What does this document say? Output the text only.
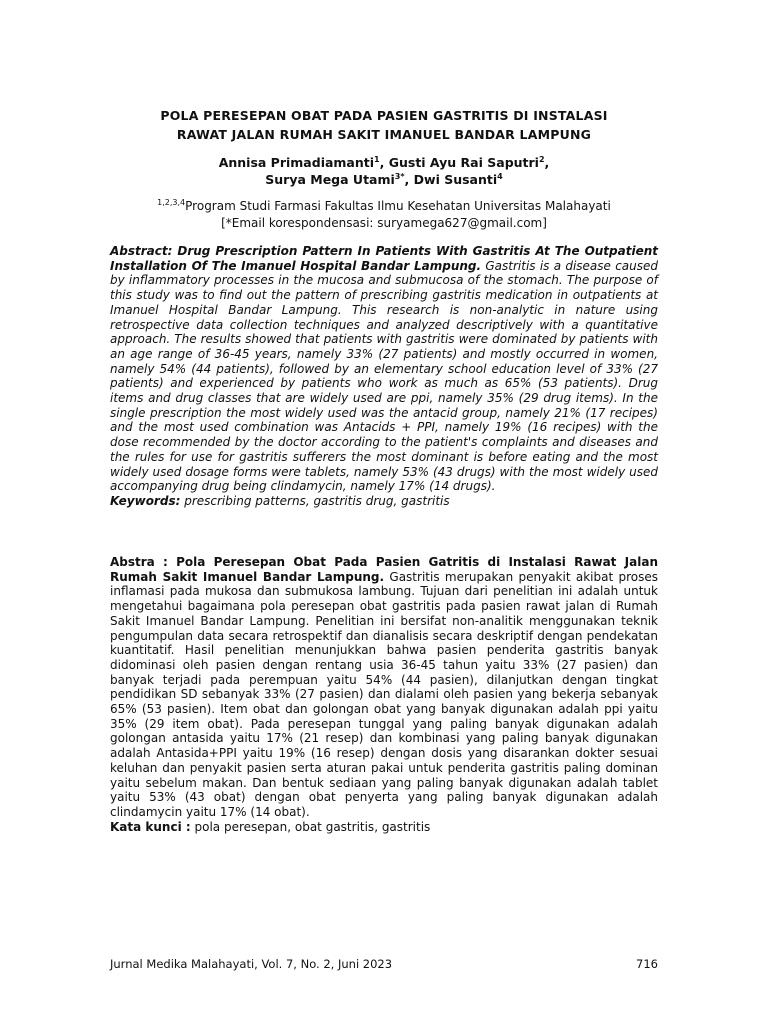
POLA PERESEPAN OBAT PADA PASIEN GASTRITIS DI INSTALASI
RAWAT JALAN RUMAH SAKIT IMANUEL BANDAR LAMPUNG
Annisa Primadiamanti$^1$, Gusti Ayu Rai Saputri$^2$,
Surya Mega Utami$^{3*}$, Dwi Susanti$^4$
$^{1,2,3,4}$Program Studi Farmasi Fakultas Ilmu Kesehatan Universitas Malahayati
[*Email korespondensasi: suryamega627@gmail.com]
Abstract: Drug Prescription Pattern In Patients With Gastritis At The Outpatient Installation Of The Imanuel Hospital Bandar Lampung. Gastritis is a disease caused by inflammatory processes in the mucosa and submucosa of the stomach. The purpose of this study was to find out the pattern of prescribing gastritis medication in outpatients at Imanuel Hospital Bandar Lampung. This research is non-analytic in nature using retrospective data collection techniques and analyzed descriptively with a quantitative approach. The results showed that patients with gastritis were dominated by patients with an age range of 36-45 years, namely 33% (27 patients) and mostly occurred in women, namely 54% (44 patients), followed by an elementary school education level of 33% (27 patients) and experienced by patients who work as much as 65% (53 patients). Drug items and drug classes that are widely used are ppi, namely 35% (29 drug items). In the single prescription the most widely used was the antacid group, namely 21% (17 recipes) and the most used combination was Antacids + PPI, namely 19% (16 recipes) with the dose recommended by the doctor according to the patient's complaints and diseases and the rules for use for gastritis sufferers the most dominant is before eating and the most widely used dosage forms were tablets, namely 53% (43 drugs) with the most widely used accompanying drug being clindamycin, namely 17% (14 drugs).
Keywords: prescribing patterns, gastritis drug, gastritis
Abstra : Pola Peresepan Obat Pada Pasien Gatritis di Instalasi Rawat Jalan Rumah Sakit Imanuel Bandar Lampung. Gastritis merupakan penyakit akibat proses inflamasi pada mukosa dan submukosa lambung. Tujuan dari penelitian ini adalah untuk mengetahui bagaimana pola peresepan obat gastritis pada pasien rawat jalan di Rumah Sakit Imanuel Bandar Lampung. Penelitian ini bersifat non-analitik menggunakan teknik pengumpulan data secara retrospektif dan dianalisis secara deskriptif dengan pendekatan kuantitatif. Hasil penelitian menunjukkan bahwa pasien penderita gastritis banyak didominasi oleh pasien dengan rentang usia 36-45 tahun yaitu 33% (27 pasien) dan banyak terjadi pada perempuan yaitu 54% (44 pasien), dilanjutkan dengan tingkat pendidikan SD sebanyak 33% (27 pasien) dan dialami oleh pasien yang bekerja sebanyak 65% (53 pasien). Item obat dan golongan obat yang banyak digunakan adalah ppi yaitu 35% (29 item obat). Pada peresepan tunggal yang paling banyak digunakan adalah golongan antasida yaitu 17% (21 resep) dan kombinasi yang paling banyak digunakan adalah Antasida+PPI yaitu 19% (16 resep) dengan dosis yang disarankan dokter sesuai keluhan dan penyakit pasien serta aturan pakai untuk penderita gastritis paling dominan yaitu sebelum makan. Dan bentuk sediaan yang paling banyak digunakan adalah tablet yaitu 53% (43 obat) dengan obat penyerta yang paling banyak digunakan adalah clindamycin yaitu 17% (14 obat).
Kata kunci : pola peresepan, obat gastritis, gastritis
Jurnal Medika Malahayati, Vol. 7, No. 2, Juni 2023	716
